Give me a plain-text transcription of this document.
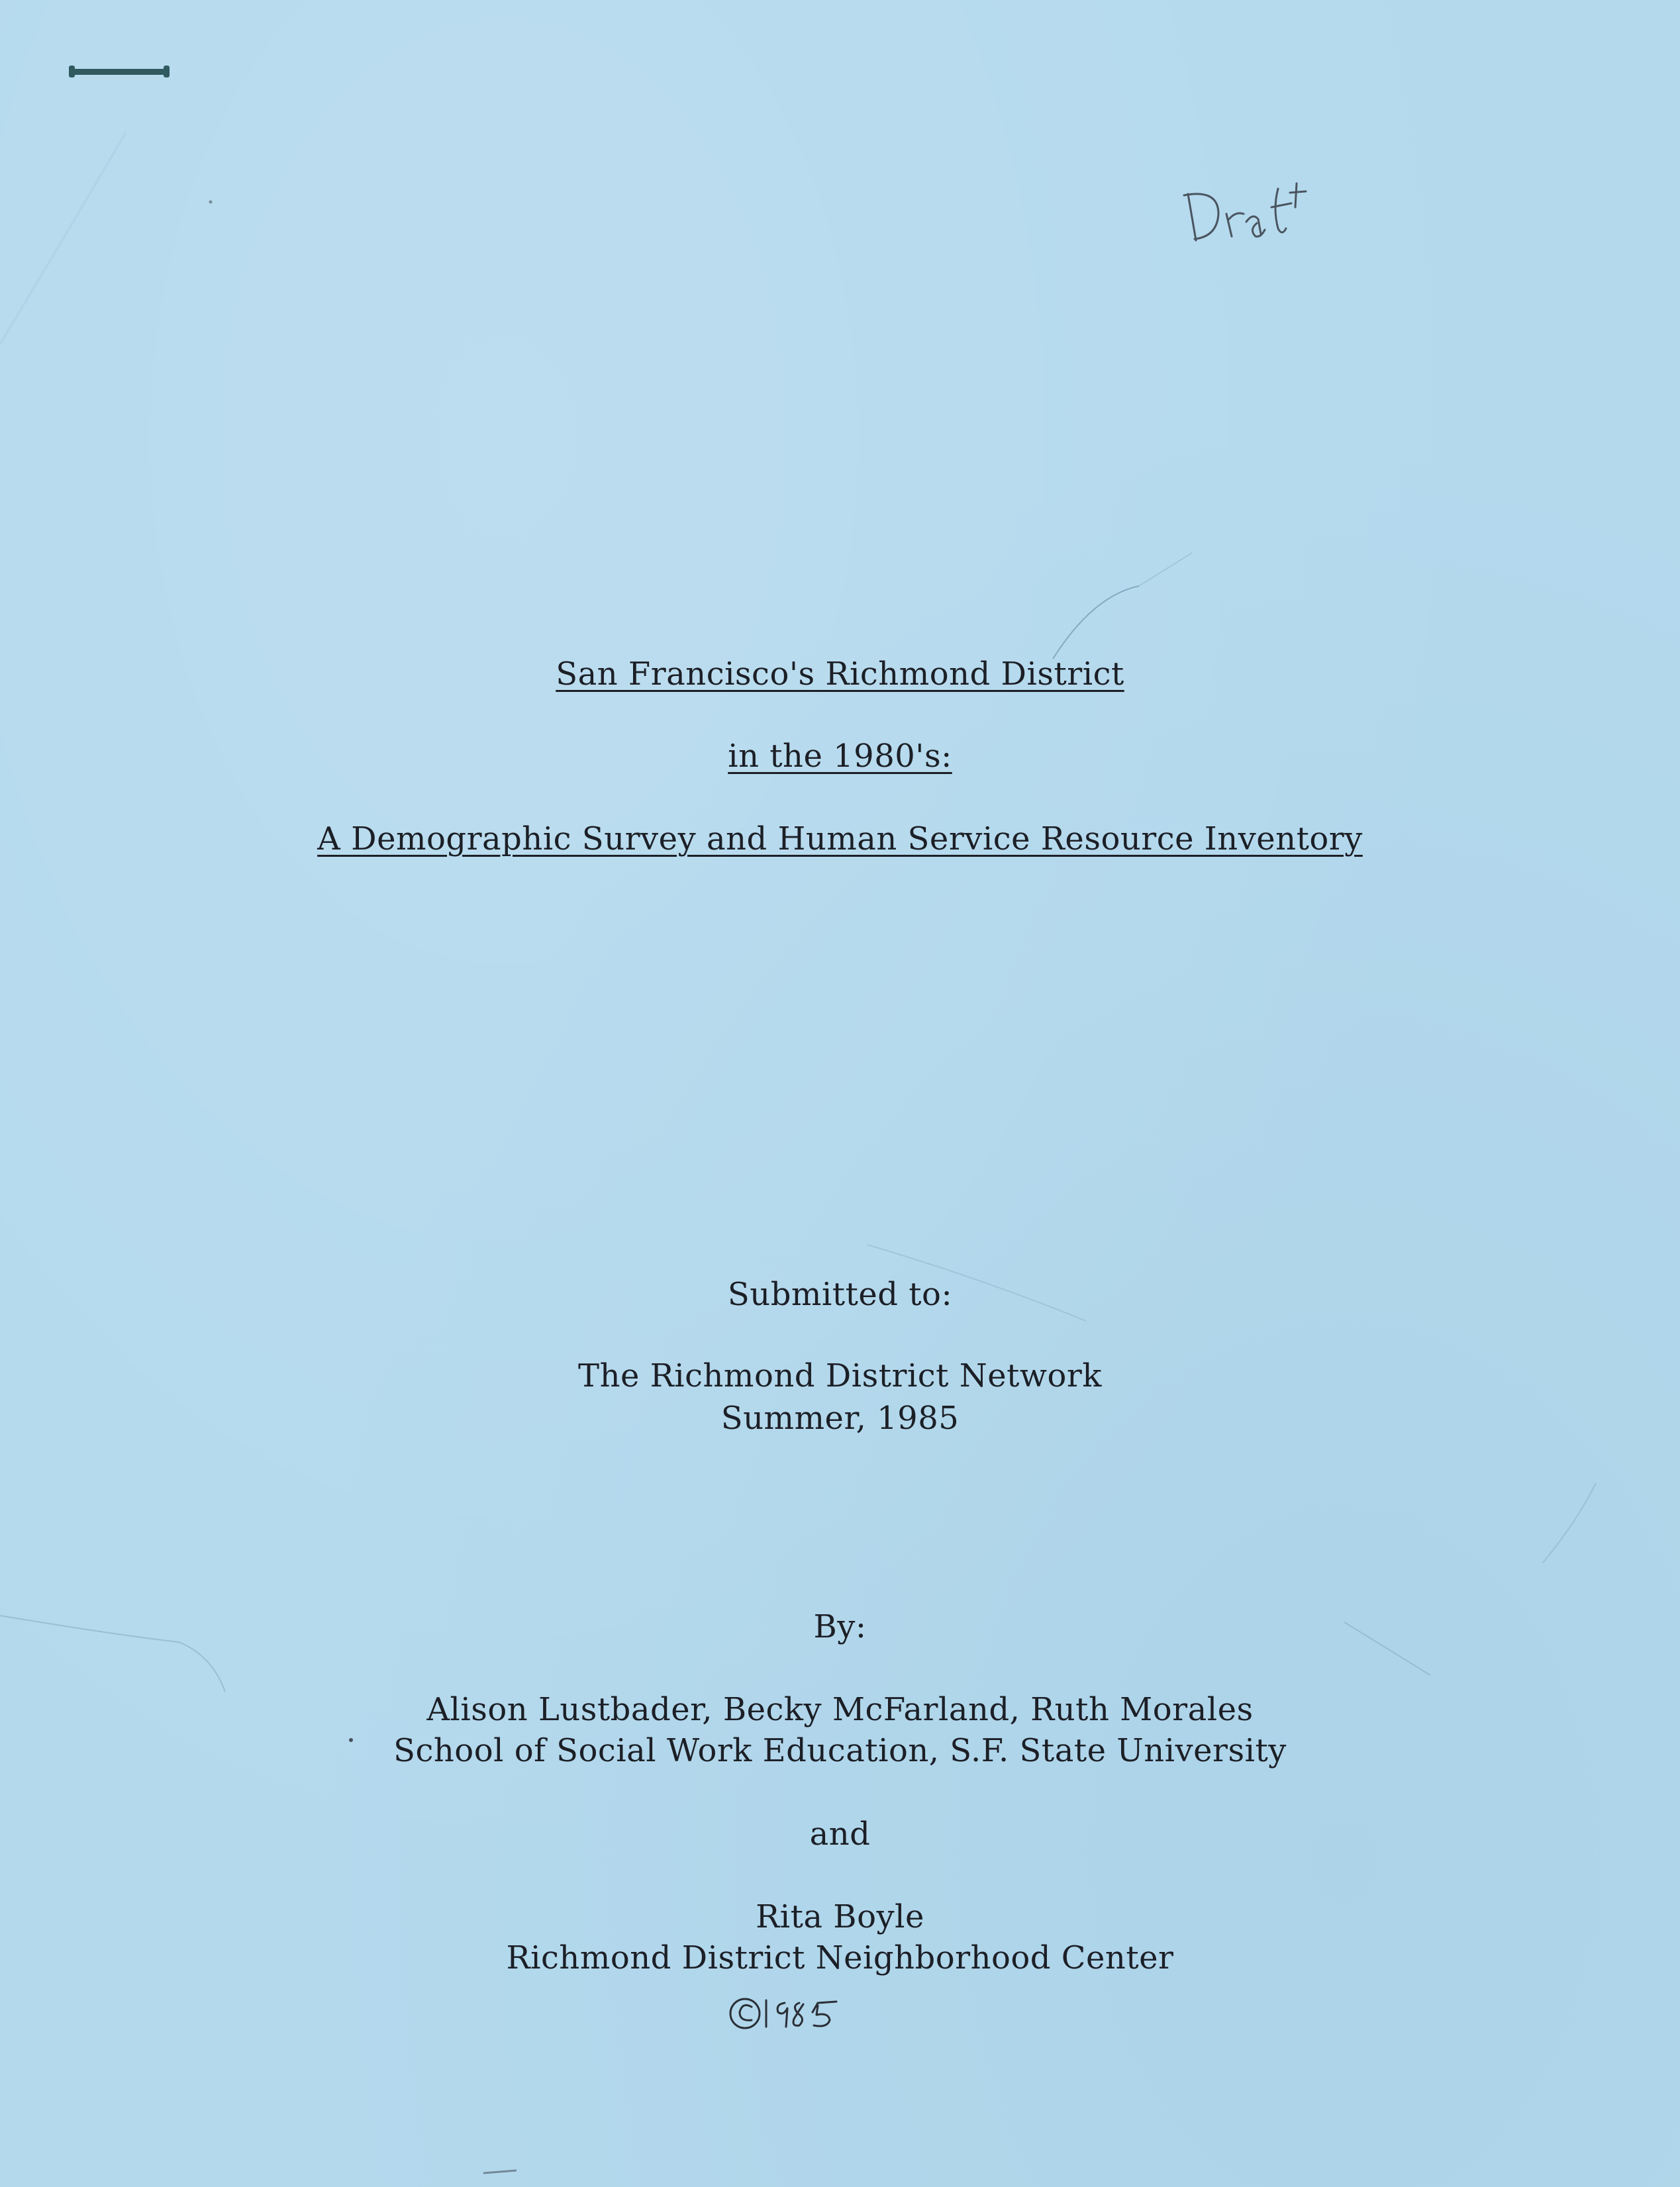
San Francisco's Richmond District
in the 1980's:
A Demographic Survey and Human Service Resource Inventory
Submitted to:
The Richmond District Network
Summer, 1985
By:
Alison Lustbader, Becky McFarland, Ruth Morales
School of Social Work Education, S.F. State University
and
Rita Boyle
Richmond District Neighborhood Center
